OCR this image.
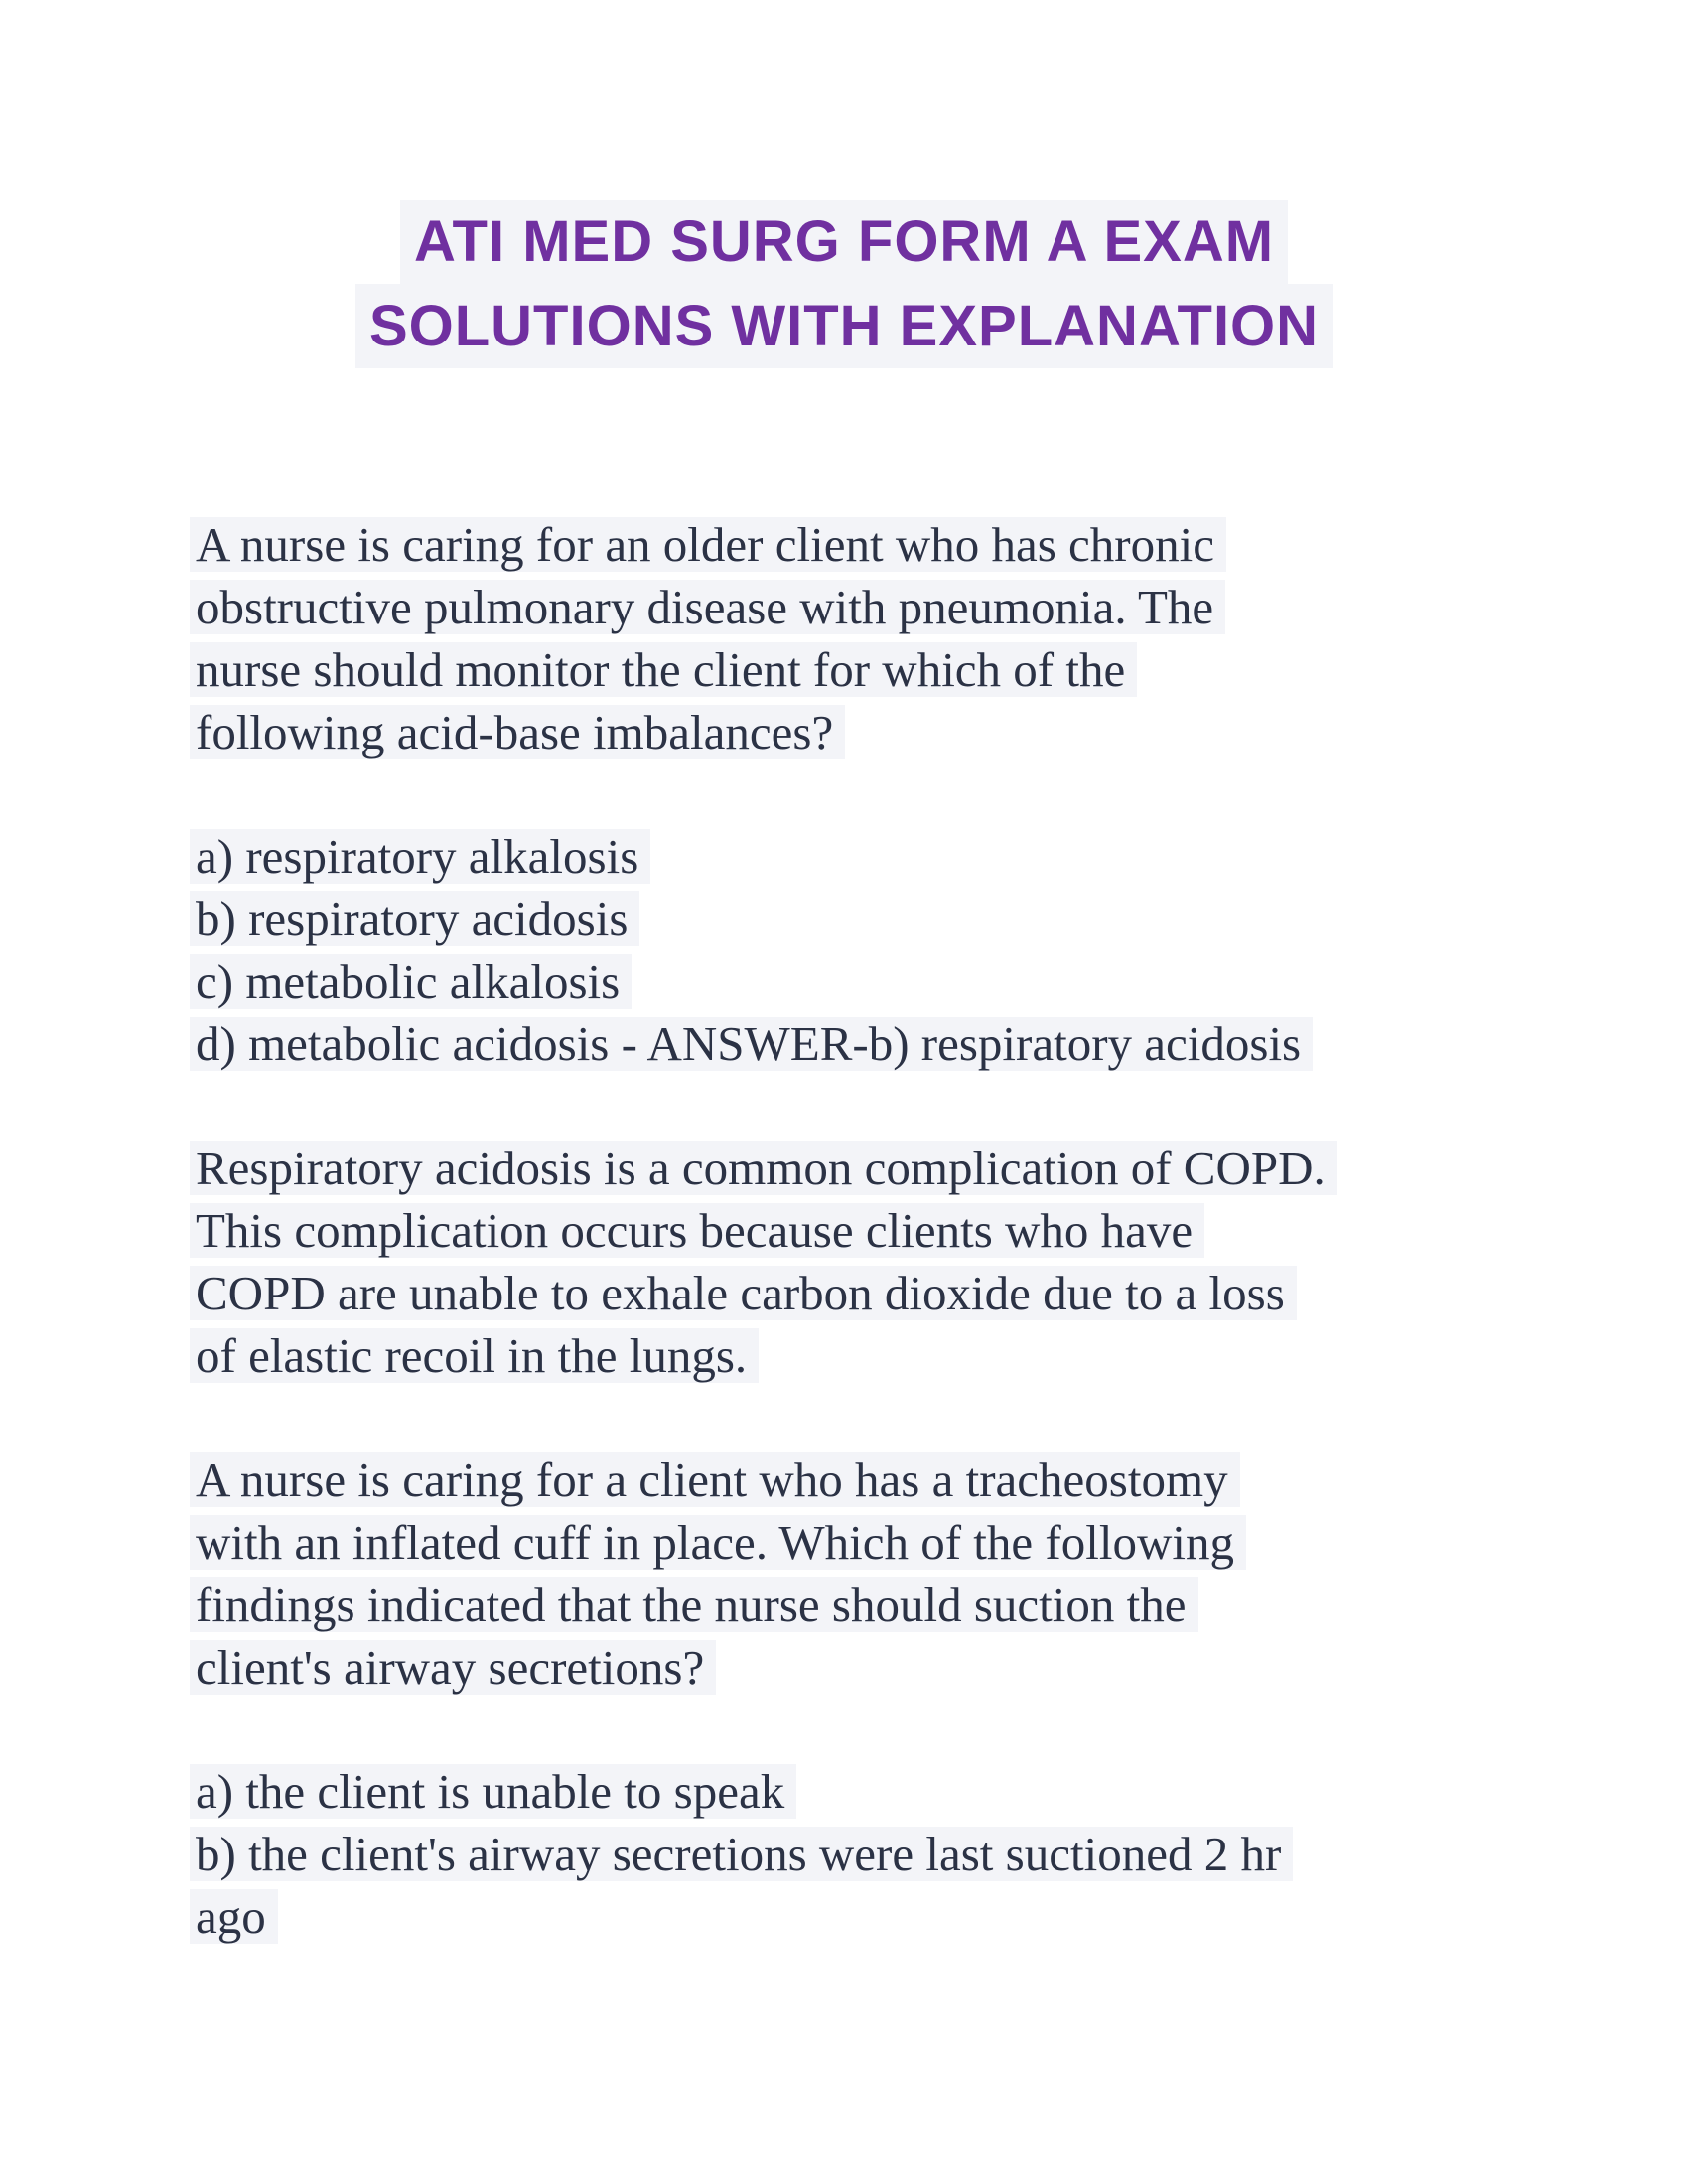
ATI MED SURG FORM A EXAM
SOLUTIONS WITH EXPLANATION
A nurse is caring for an older client who has chronic
obstructive pulmonary disease with pneumonia. The
nurse should monitor the client for which of the
following acid-base imbalances?
a) respiratory alkalosis
b) respiratory acidosis
c) metabolic alkalosis
d) metabolic acidosis - ANSWER-b) respiratory acidosis
Respiratory acidosis is a common complication of COPD.
This complication occurs because clients who have
COPD are unable to exhale carbon dioxide due to a loss
of elastic recoil in the lungs.
A nurse is caring for a client who has a tracheostomy
with an inflated cuff in place. Which of the following
findings indicated that the nurse should suction the
client's airway secretions?
a) the client is unable to speak
b) the client's airway secretions were last suctioned 2 hr
ago
